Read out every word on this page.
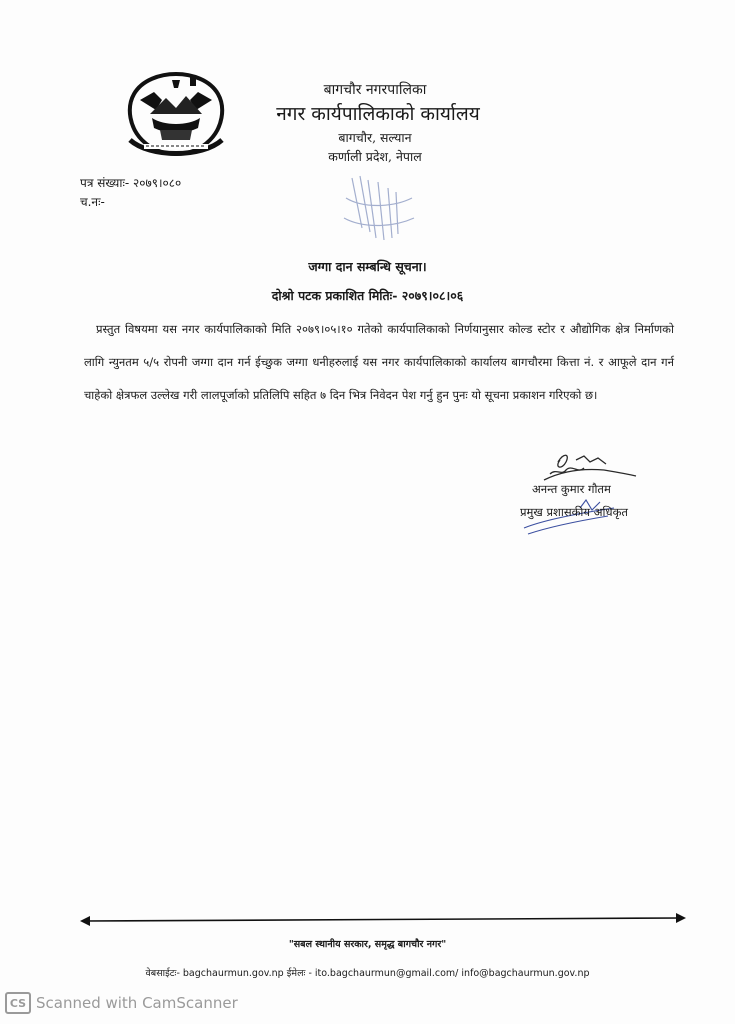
बागचौर नगरपालिका
नगर कार्यपालिकाको कार्यालय
बागचौर, सल्यान
कर्णाली प्रदेश, नेपाल
पत्र संख्याः- २०७९।०८०
च.नः-
जग्गा दान सम्बन्धि सूचना।
दोश्रो पटक प्रकाशित मितिः- २०७९।०८।०६
प्रस्तुत विषयमा यस नगर कार्यपालिकाको मिति २०७९।०५।१० गतेको कार्यपालिकाको निर्णयानुसार कोल्ड स्टोर र औद्योगिक क्षेत्र निर्माणको लागि न्युनतम ५/५ रोपनी जग्गा दान गर्न ईच्छुक जग्गा धनीहरुलाई यस नगर कार्यपालिकाको कार्यालय बागचौरमा कित्ता नं. र आफूले दान गर्न चाहेको क्षेत्रफल उल्लेख गरी लालपूर्जाको प्रतिलिपि सहित ७ दिन भित्र निवेदन पेश गर्नु हुन पुनः यो सूचना प्रकाशन गरिएको छ।
अनन्त कुमार गौतम
प्रमुख प्रशासकीय अधिकृत
"सबल स्थानीय सरकार, समृद्ध बागचौर नगर"
वेबसाईटः- bagchaurmun.gov.np ईमेलः - ito.bagchaurmun@gmail.com/ info@bagchaurmun.gov.np
CS Scanned with CamScanner
